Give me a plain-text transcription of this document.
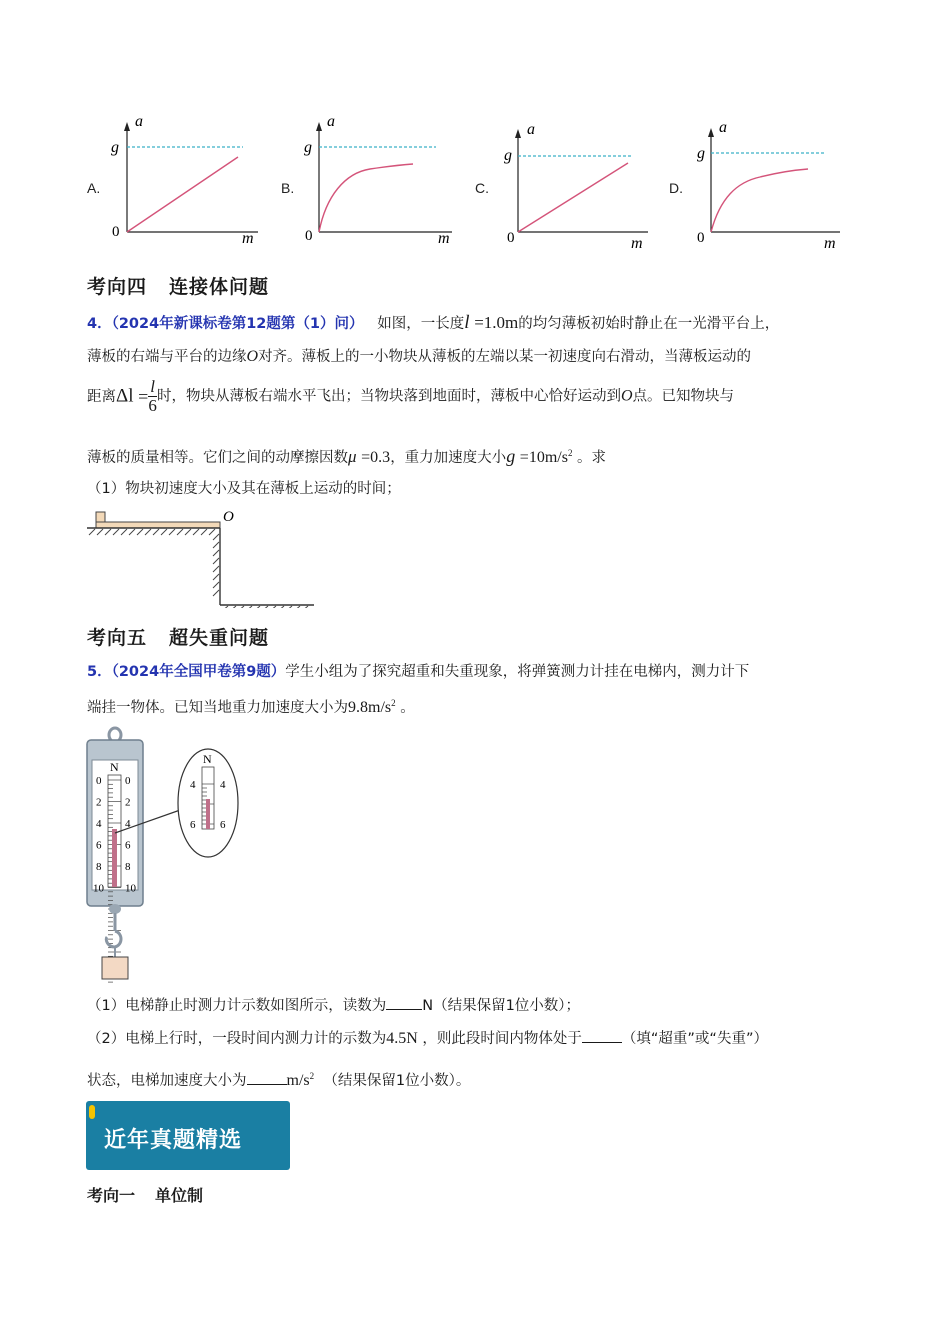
A.	B.	C.	D.
a
g
0	m
a
g
0	m
a
g
0	m
a
g
0	m
考向四 连接体问题
4．（2024年新课标卷第12题第（1）问） 如图，一长度l =1.0m的均匀薄板初始时静止在一光滑平台上，
薄板的右端与平台的边缘O对齐。薄板上的一小物块从薄板的左端以某一初速度向右滑动，当薄板运动的
距离$\Delta l = \frac{l}{6}$ 时，物块从薄板右端水平飞出；当物块落到地面时，薄板中心恰好运动到O点。已知物块与
薄板的质量相等。它们之间的动摩擦因数μ =0.3，重力加速度大小$g =10m/s^2$ 。求
（1）物块初速度大小及其在薄板上运动的时间；
O
考向五 超失重问题
5．（2024年全国甲卷第9题）学生小组为了探究超重和失重现象，将弹簧测力计挂在电梯内，测力计下
端挂一物体。已知当地重力加速度大小为$9.8m/s^2$ 。
N
0
2
4
6
8
10
0
2
4
6
8
10
N
4 4
6 6
（1）电梯静止时测力计示数如图所示，读数为 N（结果保留1位小数）；
（2）电梯上行时，一段时间内测力计的示数为4.5N ，则此段时间内物体处于	（填“超重”或“失重”）
状态，电梯加速度大小为	$m/s^2$ （结果保留1位小数）。
近年真题精选
考向一 单位制
